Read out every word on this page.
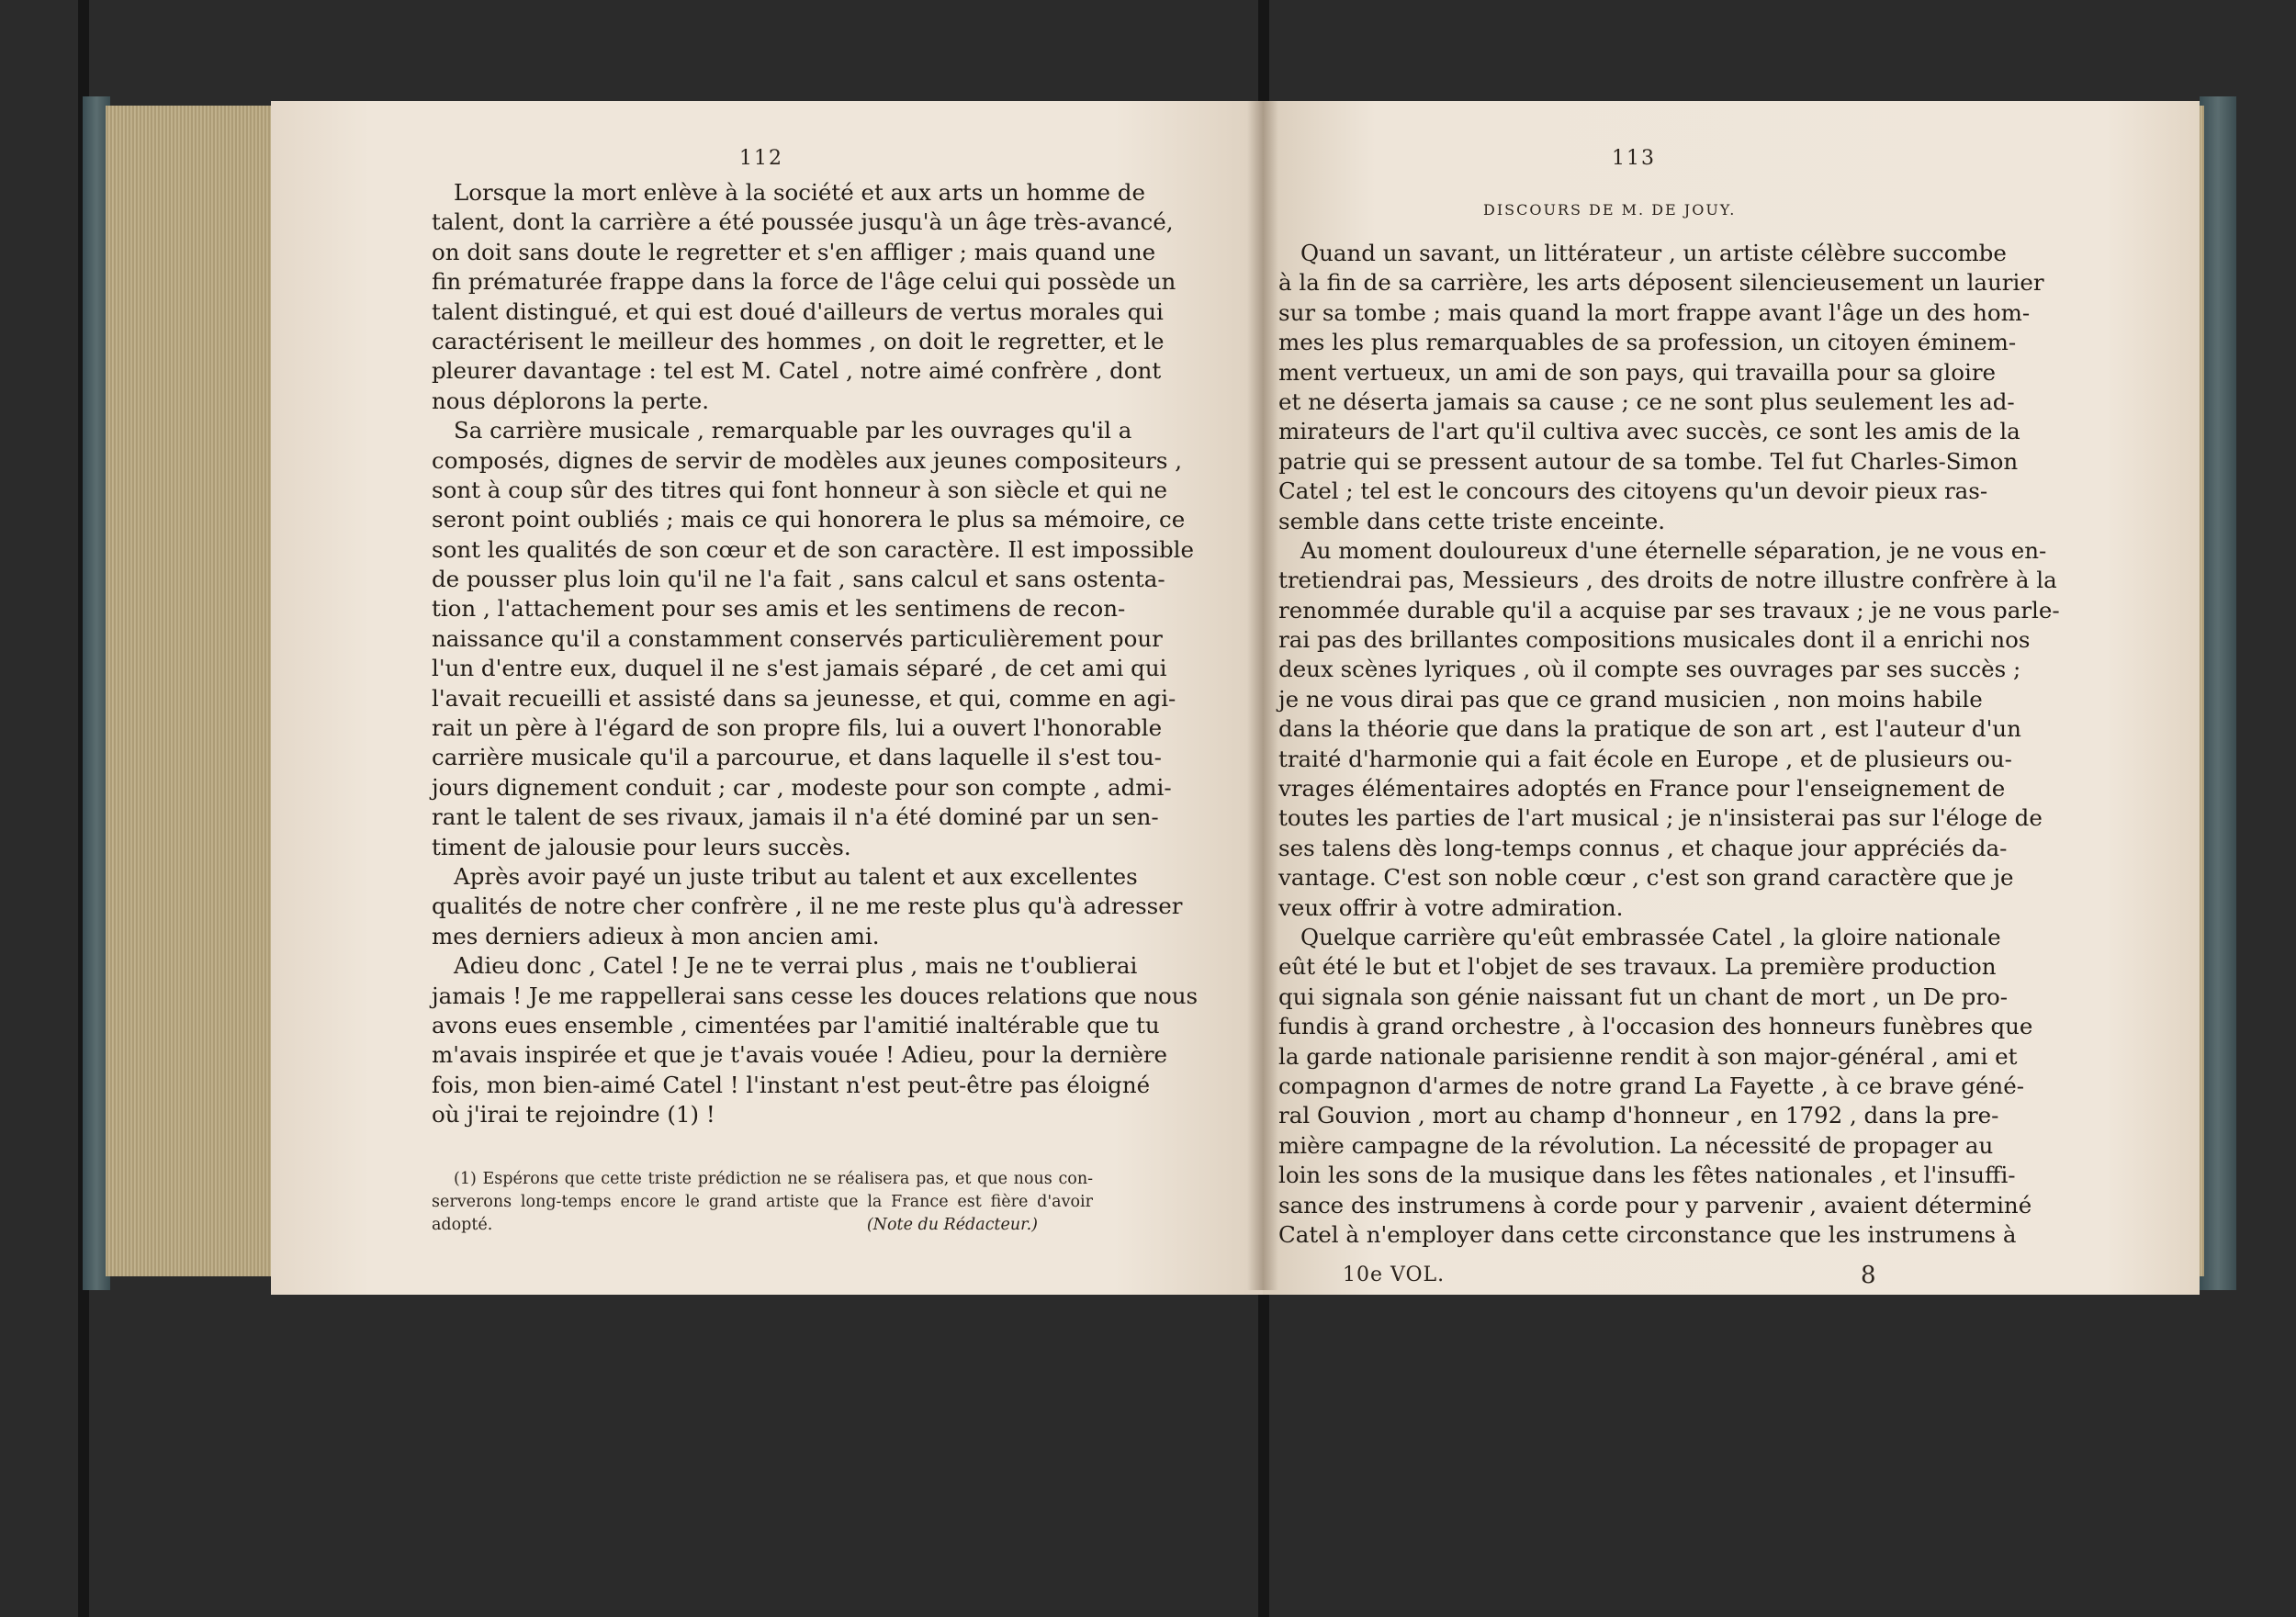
112
Lorsque la mort enlève à la société et aux arts un homme de
talent, dont la carrière a été poussée jusqu'à un âge très-avancé,
on doit sans doute le regretter et s'en affliger ; mais quand une
fin prématurée frappe dans la force de l'âge celui qui possède un
talent distingué, et qui est doué d'ailleurs de vertus morales qui
caractérisent le meilleur des hommes , on doit le regretter, et le
pleurer davantage : tel est M. Catel , notre aimé confrère , dont
nous déplorons la perte.
Sa carrière musicale , remarquable par les ouvrages qu'il a
composés, dignes de servir de modèles aux jeunes compositeurs ,
sont à coup sûr des titres qui font honneur à son siècle et qui ne
seront point oubliés ; mais ce qui honorera le plus sa mémoire, ce
sont les qualités de son cœur et de son caractère. Il est impossible
de pousser plus loin qu'il ne l'a fait , sans calcul et sans ostenta-
tion , l'attachement pour ses amis et les sentimens de recon-
naissance qu'il a constamment conservés particulièrement pour
l'un d'entre eux, duquel il ne s'est jamais séparé , de cet ami qui
l'avait recueilli et assisté dans sa jeunesse, et qui, comme en agi-
rait un père à l'égard de son propre fils, lui a ouvert l'honorable
carrière musicale qu'il a parcourue, et dans laquelle il s'est tou-
jours dignement conduit ; car , modeste pour son compte , admi-
rant le talent de ses rivaux, jamais il n'a été dominé par un sen-
timent de jalousie pour leurs succès.
Après avoir payé un juste tribut au talent et aux excellentes
qualités de notre cher confrère , il ne me reste plus qu'à adresser
mes derniers adieux à mon ancien ami.
Adieu donc , Catel ! Je ne te verrai plus , mais ne t'oublierai
jamais ! Je me rappellerai sans cesse les douces relations que nous
avons eues ensemble , cimentées par l'amitié inaltérable que tu
m'avais inspirée et que je t'avais vouée ! Adieu, pour la dernière
fois, mon bien-aimé Catel ! l'instant n'est peut-être pas éloigné
où j'irai te rejoindre (1) !
(1) Espérons que cette triste prédiction ne se réalisera pas, et que nous con-
serverons long-temps encore le grand artiste que la France est fière d'avoir
adopté.	(Note du Rédacteur.)
113
DISCOURS DE M. DE JOUY.
Quand un savant, un littérateur , un artiste célèbre succombe
à la fin de sa carrière, les arts déposent silencieusement un laurier
sur sa tombe ; mais quand la mort frappe avant l'âge un des hom-
mes les plus remarquables de sa profession, un citoyen éminem-
ment vertueux, un ami de son pays, qui travailla pour sa gloire
et ne déserta jamais sa cause ; ce ne sont plus seulement les ad-
mirateurs de l'art qu'il cultiva avec succès, ce sont les amis de la
patrie qui se pressent autour de sa tombe. Tel fut Charles-Simon
Catel ; tel est le concours des citoyens qu'un devoir pieux ras-
semble dans cette triste enceinte.
Au moment douloureux d'une éternelle séparation, je ne vous en-
tretiendrai pas, Messieurs , des droits de notre illustre confrère à la
renommée durable qu'il a acquise par ses travaux ; je ne vous parle-
rai pas des brillantes compositions musicales dont il a enrichi nos
deux scènes lyriques , où il compte ses ouvrages par ses succès ;
je ne vous dirai pas que ce grand musicien , non moins habile
dans la théorie que dans la pratique de son art , est l'auteur d'un
traité d'harmonie qui a fait école en Europe , et de plusieurs ou-
vrages élémentaires adoptés en France pour l'enseignement de
toutes les parties de l'art musical ; je n'insisterai pas sur l'éloge de
ses talens dès long-temps connus , et chaque jour appréciés da-
vantage. C'est son noble cœur , c'est son grand caractère que je
veux offrir à votre admiration.
Quelque carrière qu'eût embrassée Catel , la gloire nationale
eût été le but et l'objet de ses travaux. La première production
qui signala son génie naissant fut un chant de mort , un De pro-
fundis à grand orchestre , à l'occasion des honneurs funèbres que
la garde nationale parisienne rendit à son major-général , ami et
compagnon d'armes de notre grand La Fayette , à ce brave géné-
ral Gouvion , mort au champ d'honneur , en 1792 , dans la pre-
mière campagne de la révolution. La nécessité de propager au
loin les sons de la musique dans les fêtes nationales , et l'insuffi-
sance des instrumens à corde pour y parvenir , avaient déterminé
Catel à n'employer dans cette circonstance que les instrumens à
10e VOL.	8
